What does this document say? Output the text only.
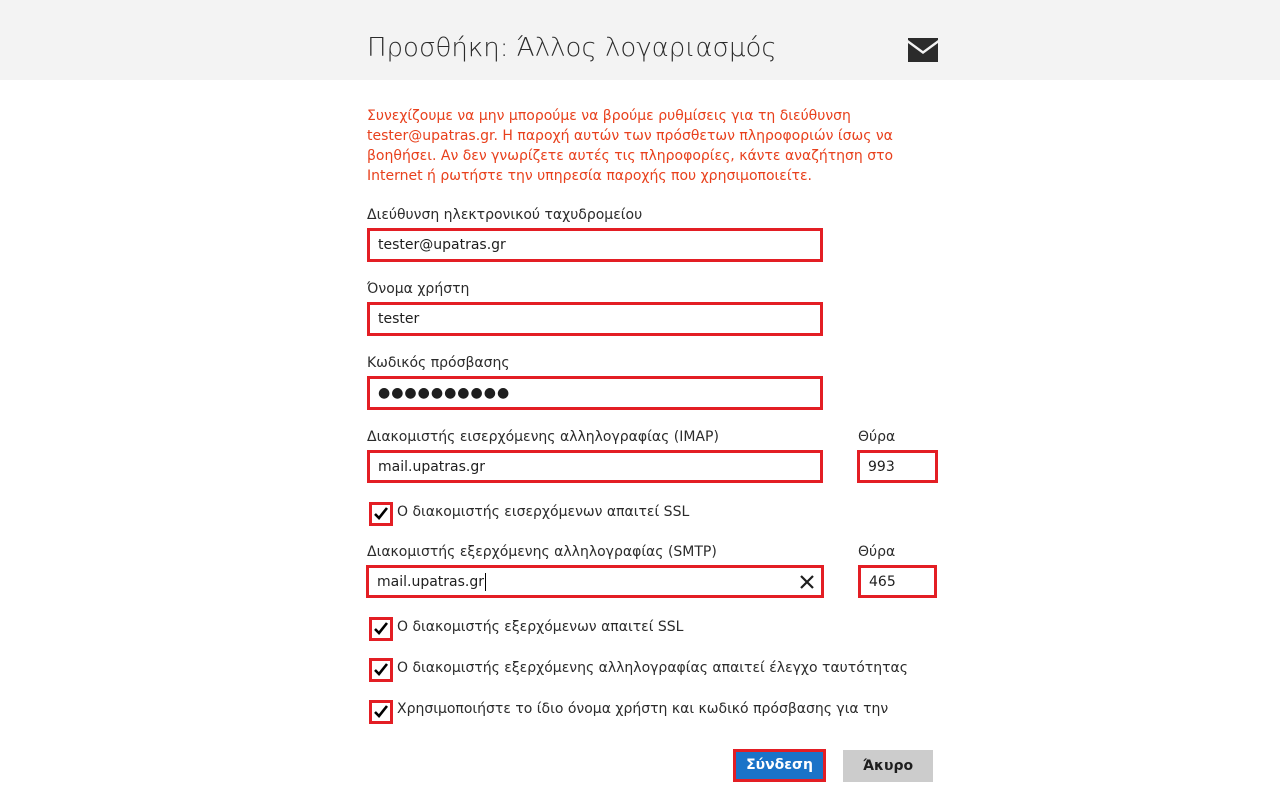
Προσθήκη: Άλλος λογαριασμός
Συνεχίζουμε να μην μπορούμε να βρούμε ρυθμίσεις για τη διεύθυνση tester@upatras.gr. Η παροχή αυτών των πρόσθετων πληροφοριών ίσως να βοηθήσει. Αν δεν γνωρίζετε αυτές τις πληροφορίες, κάντε αναζήτηση στο Internet ή ρωτήστε την υπηρεσία παροχής που χρησιμοποιείτε.
Διεύθυνση ηλεκτρονικού ταχυδρομείου
tester@upatras.gr
Όνομα χρήστη
tester
Κωδικός πρόσβασης
●●●●●●●●●●
Διακομιστής εισερχόμενης αλληλογραφίας (IMAP)
mail.upatras.gr
Θύρα
993
Ο διακομιστής εισερχόμενων απαιτεί SSL
Διακομιστής εξερχόμενης αλληλογραφίας (SMTP)
mail.upatras.gr
Θύρα
465
Ο διακομιστής εξερχόμενων απαιτεί SSL
Ο διακομιστής εξερχόμενης αλληλογραφίας απαιτεί έλεγχο ταυτότητας
Χρησιμοποιήστε το ίδιο όνομα χρήστη και κωδικό πρόσβασης για την
Σύνδεση	Άκυρο
